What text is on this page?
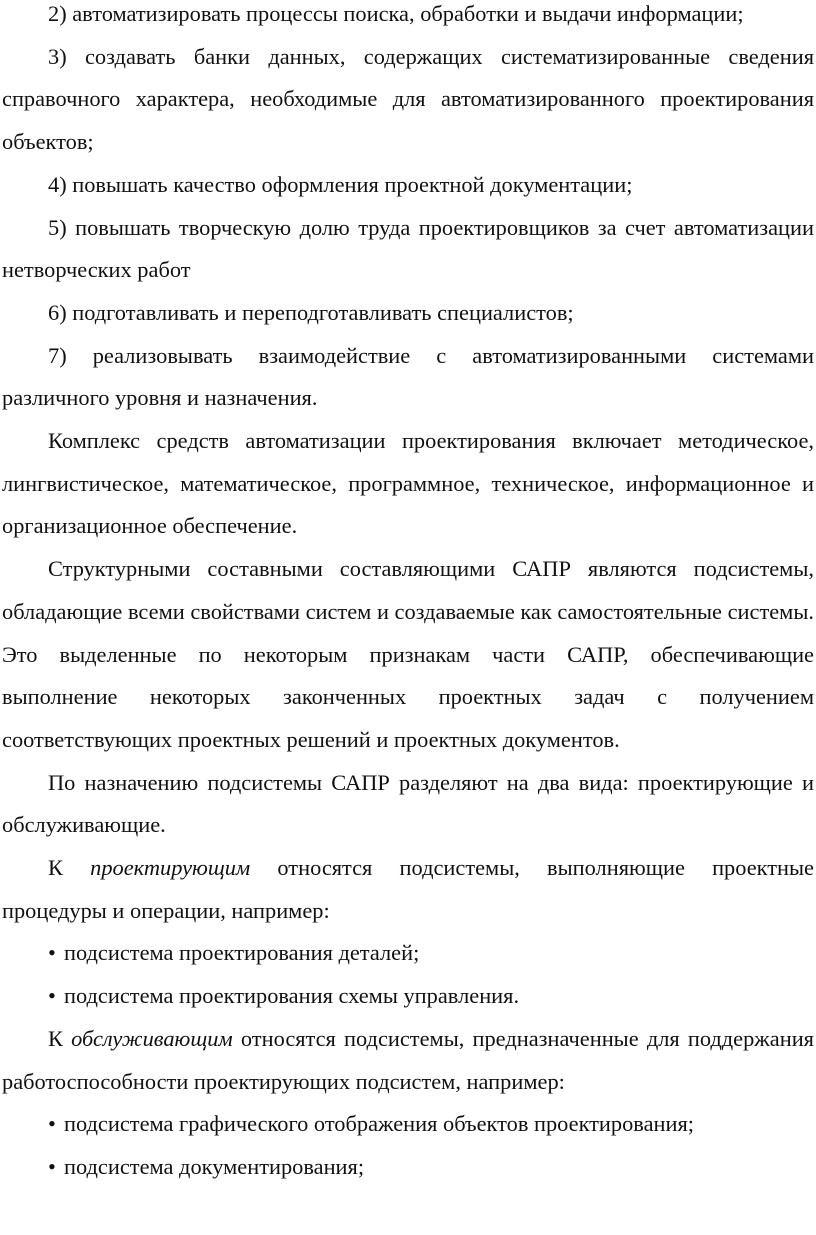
2) автоматизировать процессы поиска, обработки и выдачи информации;

3) создавать банки данных, содержащих систематизированные сведения справочного характера, необходимые для автоматизированного проектирования объектов;

4) повышать качество оформления проектной документации;

5) повышать творческую долю труда проектировщиков за счет автоматизации нетворческих работ

6) подготавливать и переподготавливать специалистов;

7) реализовывать взаимодействие с автоматизированными системами различного уровня и назначения.

Комплекс средств автоматизации проектирования включает методическое, лингвистическое, математическое, программное, техническое, информационное и организационное обеспечение.

Структурными составными составляющими САПР являются подсистемы, обладающие всеми свойствами систем и создаваемые как самостоятельные системы. Это выделенные по некоторым признакам части САПР, обеспечивающие выполнение некоторых законченных проектных задач с получением соответствующих проектных решений и проектных документов.

По назначению подсистемы САПР разделяют на два вида: проектирующие и обслуживающие.

К проектирующим относятся подсистемы, выполняющие проектные процедуры и операции, например:

• подсистема проектирования деталей;

• подсистема проектирования схемы управления.

К обслуживающим относятся подсистемы, предназначенные для поддержания работоспособности проектирующих подсистем, например:

• подсистема графического отображения объектов проектирования;

• подсистема документирования;
